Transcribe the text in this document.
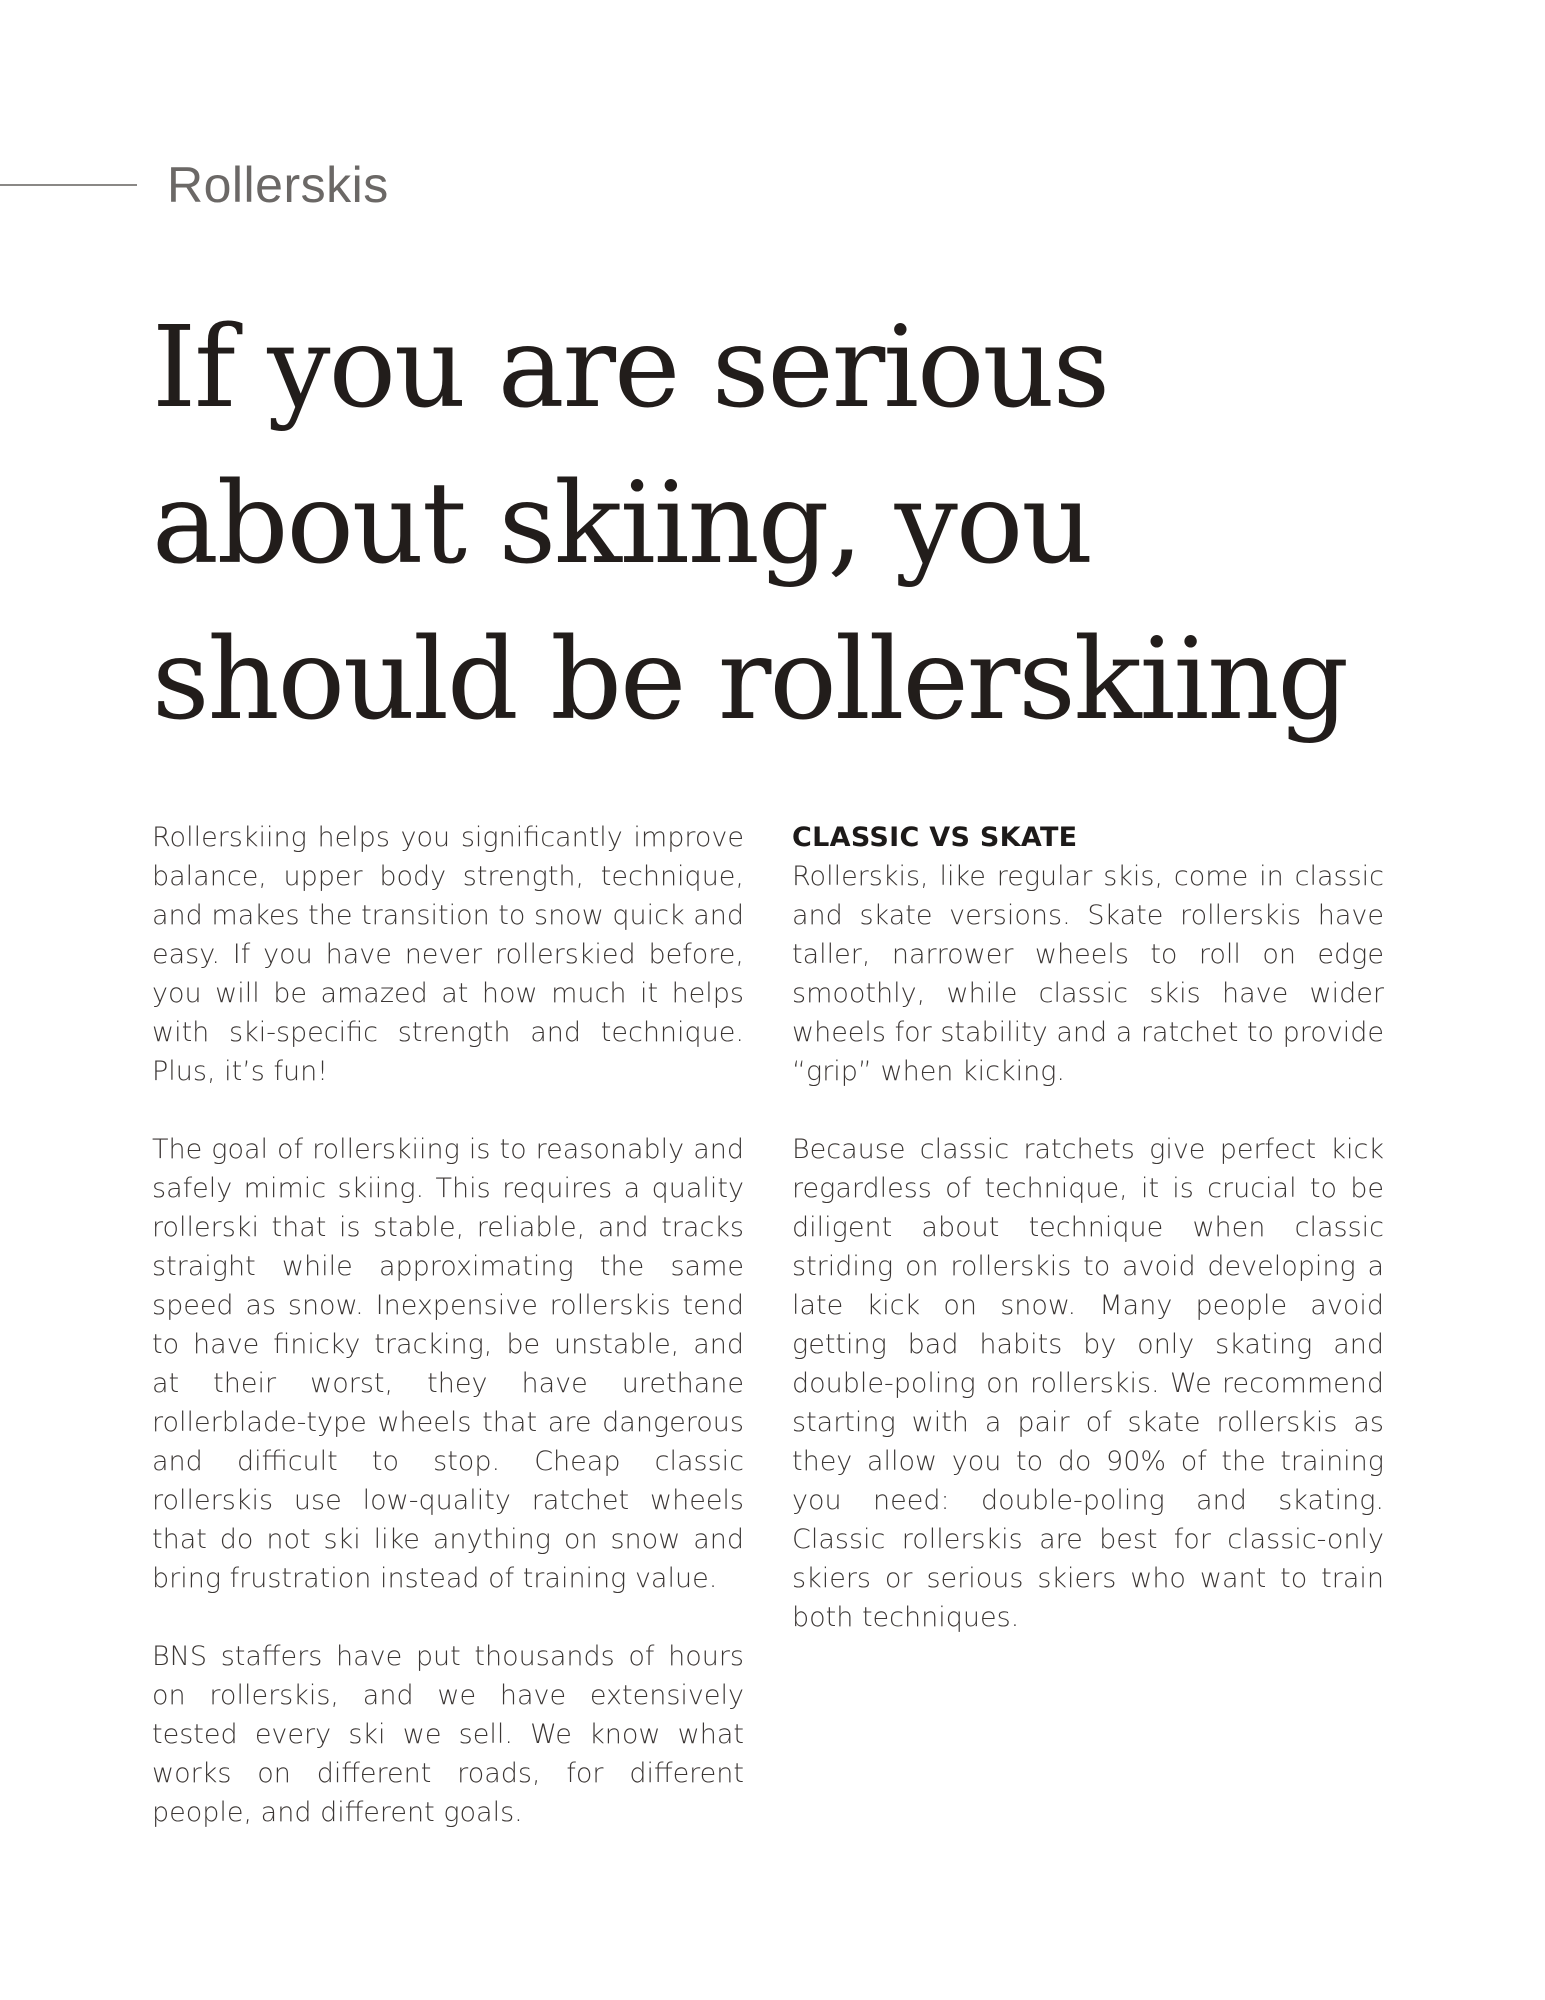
Rollerskis
If you are serious about skiing, you should be rollerskiing

Rollerskiing helps you significantly improve balance, upper body strength, technique, and makes the transition to snow quick and easy. If you have never rollerskied before, you will be amazed at how much it helps with ski-specific strength and technique. Plus, it’s fun!

The goal of rollerskiing is to reasonably and safely mimic skiing. This requires a quality rollerski that is stable, reliable, and tracks straight while approximating the same speed as snow. Inexpensive rollerskis tend to have finicky tracking, be unstable, and at their worst, they have urethane rollerblade-type wheels that are dangerous and difficult to stop. Cheap classic rollerskis use low-quality ratchet wheels that do not ski like anything on snow and bring frustration instead of training value.

BNS staffers have put thousands of hours on rollerskis, and we have extensively tested every ski we sell. We know what works on different roads, for different people, and different goals.

CLASSIC VS SKATE

Rollerskis, like regular skis, come in classic and skate versions. Skate rollerskis have taller, narrower wheels to roll on edge smoothly, while classic skis have wider wheels for stability and a ratchet to provide “grip” when kicking.

Because classic ratchets give perfect kick regardless of technique, it is crucial to be diligent about technique when classic striding on rollerskis to avoid developing a late kick on snow. Many people avoid getting bad habits by only skating and double-poling on rollerskis. We recommend starting with a pair of skate rollerskis as they allow you to do 90% of the training you need: double-poling and skating. Classic rollerskis are best for classic-only skiers or serious skiers who want to train both techniques.
